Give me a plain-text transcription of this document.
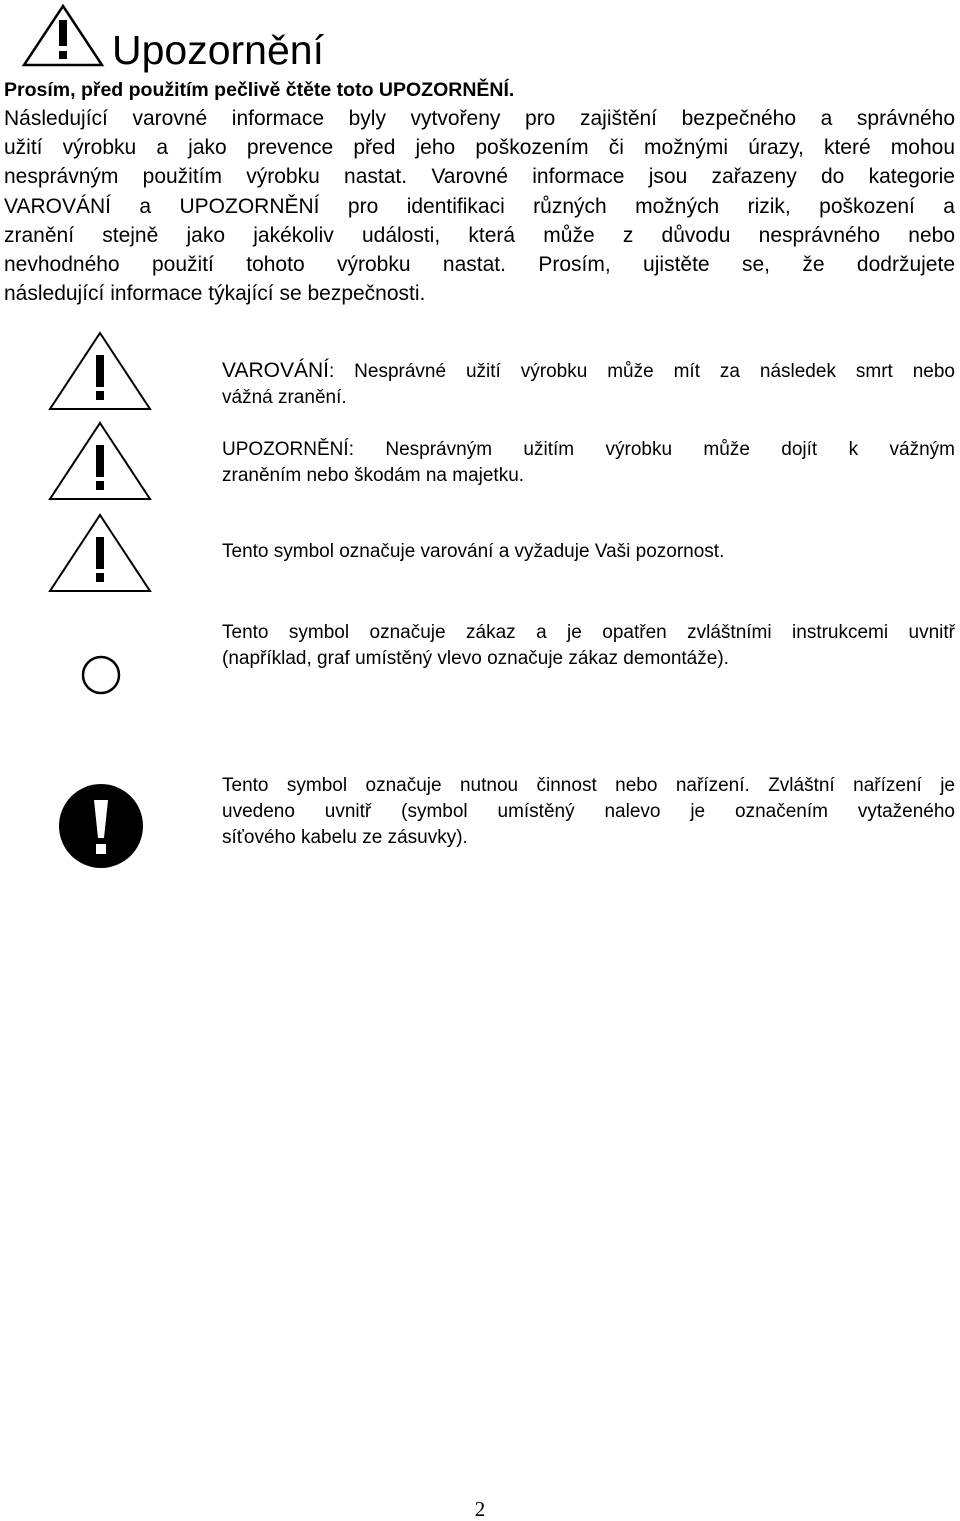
Upozornění
Prosím, před použitím pečlivě čtěte toto UPOZORNĚNÍ.

Následující varovné informace byly vytvořeny pro zajištění bezpečného a správného
užití výrobku a jako prevence před jeho poškozením či možnými úrazy, které mohou
nesprávným použitím výrobku nastat. Varovné informace jsou zařazeny do kategorie
VAROVÁNÍ a UPOZORNĚNÍ pro identifikaci různých možných rizik, poškození a
zranění stejně jako jakékoliv události, která může z důvodu nesprávného nebo
nevhodného použití tohoto výrobku nastat. Prosím, ujistěte se, že dodržujete
následující informace týkající se bezpečnosti.

VAROVÁNÍ: Nesprávné užití výrobku může mít za následek smrt nebo
vážná zranění.

UPOZORNĚNÍ: Nesprávným užitím výrobku může dojít k vážným
zraněním nebo škodám na majetku.

Tento symbol označuje varování a vyžaduje Vaši pozornost.

Tento symbol označuje zákaz a je opatřen zvláštními instrukcemi uvnitř
(například, graf umístěný vlevo označuje zákaz demontáže).

Tento symbol označuje nutnou činnost nebo nařízení. Zvláštní nařízení je
uvedeno uvnitř (symbol umístěný nalevo je označením vytaženého
síťového kabelu ze zásuvky).

2
